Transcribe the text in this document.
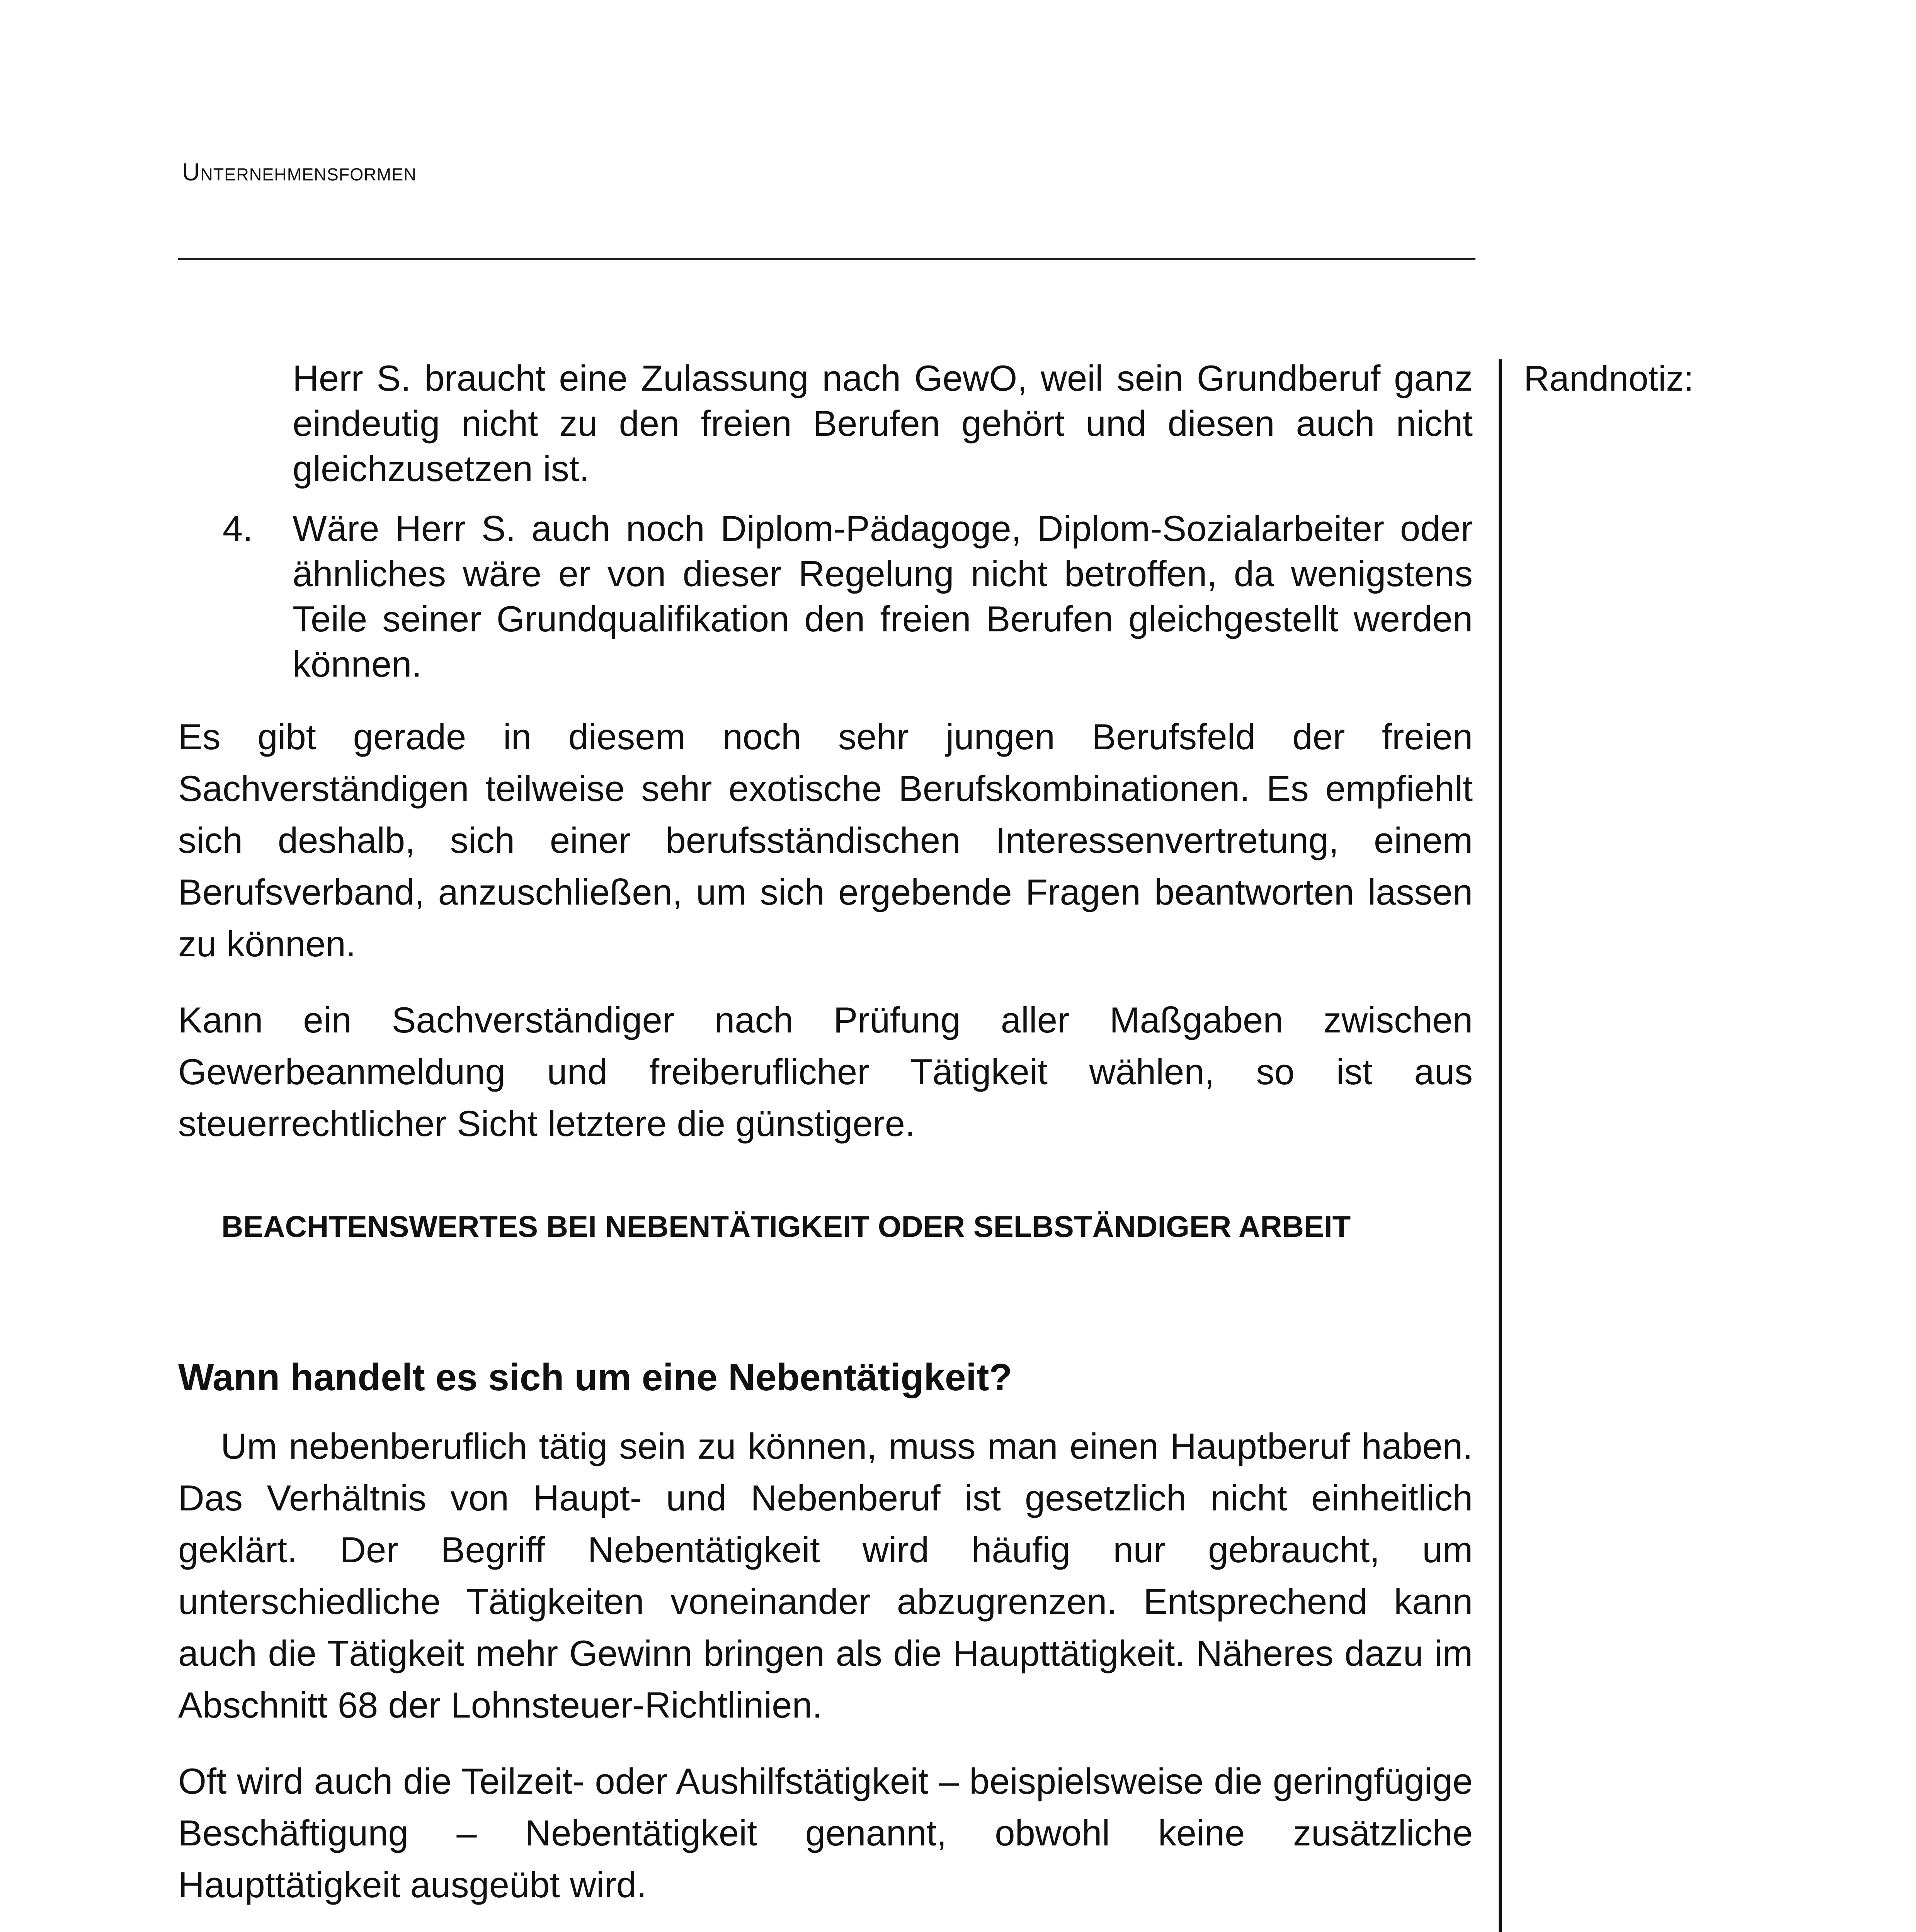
Unternehmensformen
Randnotiz:

Herr S. braucht eine Zulassung nach GewO, weil sein Grundberuf ganz eindeutig nicht zu den freien Berufen gehört und diesen auch nicht gleichzusetzen ist.

4.	Wäre Herr S. auch noch Diplom-Pädagoge, Diplom-Sozialarbeiter oder ähnliches wäre er von dieser Regelung nicht betroffen, da wenigstens Teile seiner Grundqualifikation den freien Berufen gleichgestellt werden können.

Es gibt gerade in diesem noch sehr jungen Berufsfeld der freien Sachverständigen teilweise sehr exotische Berufskombinationen. Es empfiehlt sich deshalb, sich einer berufsständischen Interessenvertretung, einem Berufsverband, anzuschließen, um sich ergebende Fragen beantworten lassen zu können.

Kann ein Sachverständiger nach Prüfung aller Maßgaben zwischen Gewerbeanmeldung und freiberuflicher Tätigkeit wählen, so ist aus steuerrechtlicher Sicht letztere die günstigere.

BEACHTENSWERTES BEI NEBENTÄTIGKEIT ODER SELBSTÄNDIGER ARBEIT

Wann handelt es sich um eine Nebentätigkeit?

Um nebenberuflich tätig sein zu können, muss man einen Hauptberuf haben. Das Verhältnis von Haupt- und Nebenberuf ist gesetzlich nicht einheitlich geklärt. Der Begriff Nebentätigkeit wird häufig nur gebraucht, um unterschiedliche Tätigkeiten voneinander abzugrenzen. Entsprechend kann auch die Tätigkeit mehr Gewinn bringen als die Haupttätigkeit. Näheres dazu im Abschnitt 68 der Lohnsteuer-Richtlinien.

Oft wird auch die Teilzeit- oder Aushilfstätigkeit – beispielsweise die geringfügige Beschäftigung – Nebentätigkeit genannt, obwohl keine zusätzliche Haupttätigkeit ausgeübt wird.
